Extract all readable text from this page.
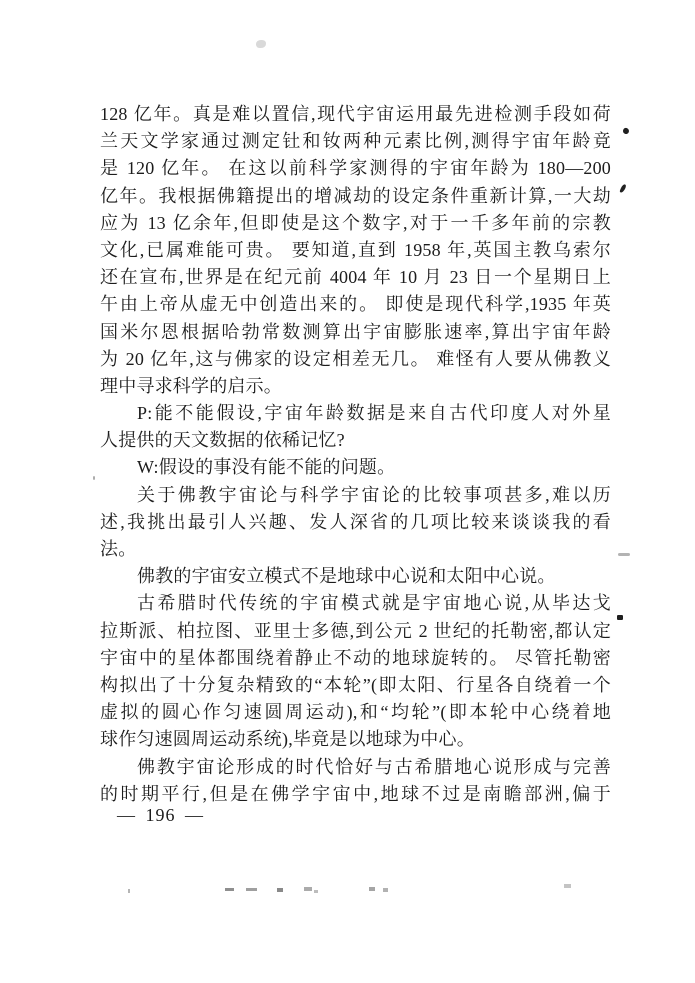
128 亿年。真是难以置信,现代宇宙运用最先进检测手段如荷
兰天文学家通过测定钍和钕两种元素比例,测得宇宙年龄竟
是 120 亿年。 在这以前科学家测得的宇宙年龄为 180—200
亿年。我根据佛籍提出的增减劫的设定条件重新计算,一大劫
应为 13 亿余年,但即使是这个数字,对于一千多年前的宗教
文化,已属难能可贵。 要知道,直到 1958 年,英国主教乌索尔
还在宣布,世界是在纪元前 4004 年 10 月 23 日一个星期日上
午由上帝从虚无中创造出来的。 即使是现代科学,1935 年英
国米尔恩根据哈勃常数测算出宇宙膨胀速率,算出宇宙年龄
为 20 亿年,这与佛家的设定相差无几。 难怪有人要从佛教义
理中寻求科学的启示。
P:能不能假设,宇宙年龄数据是来自古代印度人对外星
人提供的天文数据的依稀记忆?
W:假设的事没有能不能的问题。
关于佛教宇宙论与科学宇宙论的比较事项甚多,难以历
述,我挑出最引人兴趣、发人深省的几项比较来谈谈我的看
法。
佛教的宇宙安立模式不是地球中心说和太阳中心说。
古希腊时代传统的宇宙模式就是宇宙地心说,从毕达戈
拉斯派、柏拉图、亚里士多德,到公元 2 世纪的托勒密,都认定
宇宙中的星体都围绕着静止不动的地球旋转的。 尽管托勒密
构拟出了十分复杂精致的“本轮”(即太阳、行星各自绕着一个
虚拟的圆心作匀速圆周运动),和“均轮”(即本轮中心绕着地
球作匀速圆周运动系统),毕竟是以地球为中心。
佛教宇宙论形成的时代恰好与古希腊地心说形成与完善
的时期平行,但是在佛学宇宙中,地球不过是南瞻部洲,偏于
— 196 —
